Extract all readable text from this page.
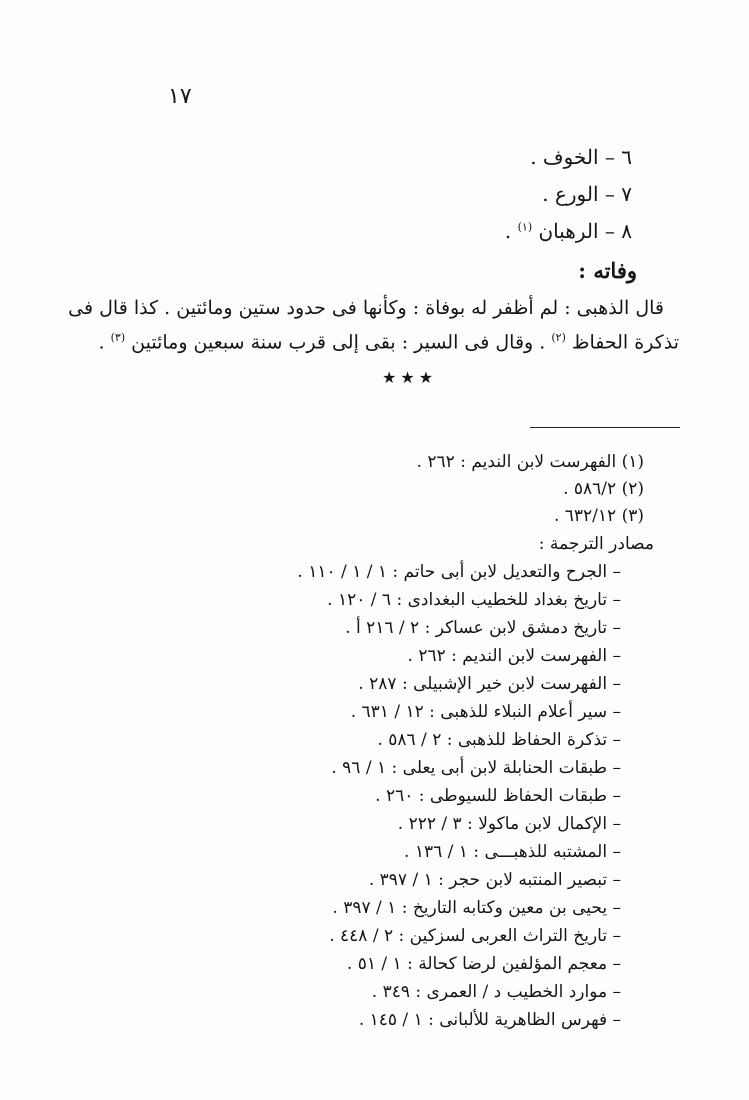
١٧
٦ – الخوف .
٧ – الورع .
٨ – الرهبان $^{(١)}$ .
وفاته :
قال الذهبى : لم أظفر له بوفاة : وكأنها فى حدود ستين ومائتين . كذا قال فى
تذكرة الحفاظ $^{(٢)}$ . وقال فى السير : بقى إلى قرب سنة سبعين ومائتين $^{(٣)}$ .
★★★
(١) الفهرست لابن النديم : ٢٦٢ .
(٢) ٥٨٦/٢ .
(٣) ٦٣٢/١٢ .
مصادر الترجمة :
– الجرح والتعديل لابن أبى حاتم : ١ / ١ / ١١٠ .
– تاريخ بغداد للخطيب البغدادى : ٦ / ١٢٠ .
– تاريخ دمشق لابن عساكر : ٢ / ٢١٦ أ .
– الفهرست لابن النديم : ٢٦٢ .
– الفهرست لابن خير الإشبيلى : ٢٨٧ .
– سير أعلام النبلاء للذهبى : ١٢ / ٦٣١ .
– تذكرة الحفاظ للذهبى : ٢ / ٥٨٦ .
– طبقات الحنابلة لابن أبى يعلى : ١ / ٩٦ .
– طبقات الحفاظ للسيوطى : ٢٦٠ .
– الإكمال لابن ماكولا : ٣ / ٢٢٢ .
– المشتبه للذهبـــى : ١ / ١٣٦ .
– تبصير المنتبه لابن حجر : ١ / ٣٩٧ .
– يحيى بن معين وكتابه التاريخ : ١ / ٣٩٧ .
– تاريخ التراث العربى لسزكين : ٢ / ٤٤٨ .
– معجم المؤلفين لرضا كحالة : ١ / ٥١ .
– موارد الخطيب د / العمرى : ٣٤٩ .
– فهرس الظاهرية للألبانى : ١ / ١٤٥ .
